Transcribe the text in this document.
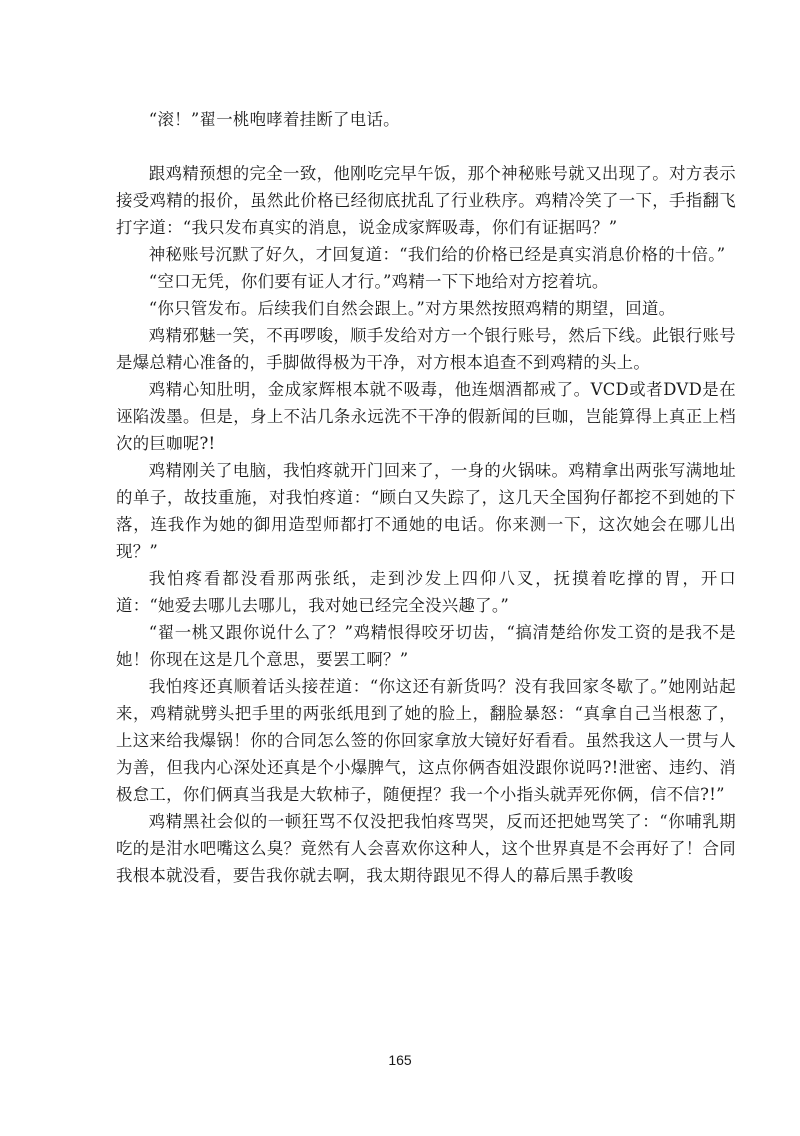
“滚！”翟一桃咆哮着挂断了电话。

跟鸡精预想的完全一致，他刚吃完早午饭，那个神秘账号就又出现了。对方表示接受鸡精的报价，虽然此价格已经彻底扰乱了行业秩序。鸡精冷笑了一下，手指翻飞打字道：“我只发布真实的消息，说金成家辉吸毒，你们有证据吗？”

神秘账号沉默了好久，才回复道：“我们给的价格已经是真实消息价格的十倍。”

“空口无凭，你们要有证人才行。”鸡精一下下地给对方挖着坑。

“你只管发布。后续我们自然会跟上。”对方果然按照鸡精的期望，回道。

鸡精邪魅一笑，不再啰唆，顺手发给对方一个银行账号，然后下线。此银行账号是爆总精心准备的，手脚做得极为干净，对方根本追查不到鸡精的头上。

鸡精心知肚明，金成家辉根本就不吸毒，他连烟酒都戒了。VCD或者DVD是在诬陷泼墨。但是，身上不沾几条永远洗不干净的假新闻的巨咖，岂能算得上真正上档次的巨咖呢?!

鸡精刚关了电脑，我怕疼就开门回来了，一身的火锅味。鸡精拿出两张写满地址的单子，故技重施，对我怕疼道：“顾白又失踪了，这几天全国狗仔都挖不到她的下落，连我作为她的御用造型师都打不通她的电话。你来测一下，这次她会在哪儿出现？”

我怕疼看都没看那两张纸，走到沙发上四仰八叉，抚摸着吃撑的胃，开口道：“她爱去哪儿去哪儿，我对她已经完全没兴趣了。”

“翟一桃又跟你说什么了？”鸡精恨得咬牙切齿，“搞清楚给你发工资的是我不是她！你现在这是几个意思，要罢工啊？”

我怕疼还真顺着话头接茬道：“你这还有新货吗？没有我回家冬歇了。”她刚站起来，鸡精就劈头把手里的两张纸甩到了她的脸上，翻脸暴怒：“真拿自己当根葱了，上这来给我爆锅！你的合同怎么签的你回家拿放大镜好好看看。虽然我这人一贯与人为善，但我内心深处还真是个小爆脾气，这点你俩杳姐没跟你说吗?!泄密、违约、消极怠工，你们俩真当我是大软柿子，随便捏？我一个小指头就弄死你俩，信不信?!”

鸡精黑社会似的一顿狂骂不仅没把我怕疼骂哭，反而还把她骂笑了：“你哺乳期吃的是泔水吧嘴这么臭？竟然有人会喜欢你这种人，这个世界真是不会再好了！合同我根本就没看，要告我你就去啊，我太期待跟见不得人的幕后黑手教唆

165
